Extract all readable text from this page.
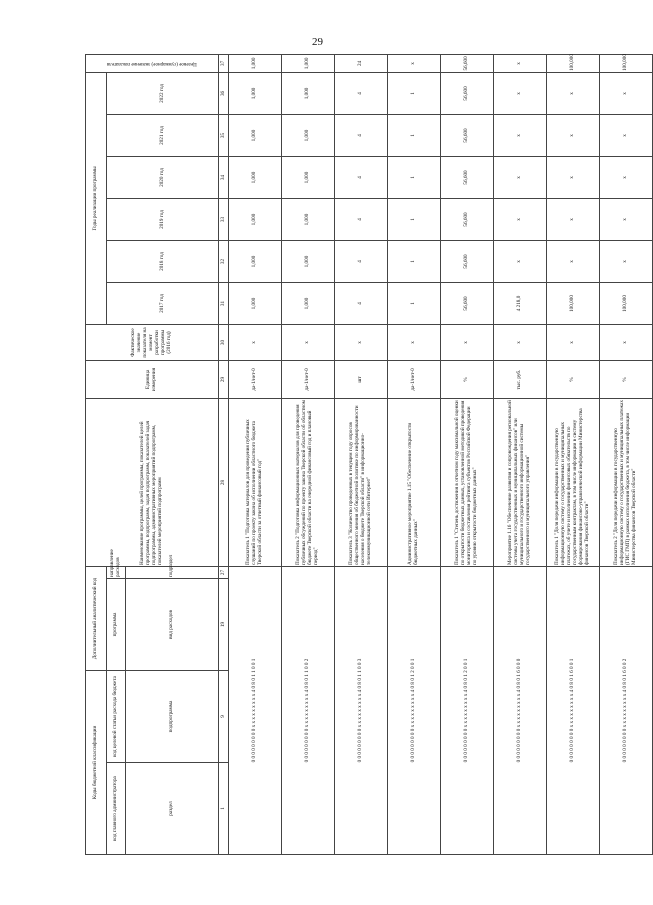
29
Коды бюджетной классификации		Дополнительный аналитический код		Наименование программы, целей программы, показателей целей программы, подпрограмм, задач подпрограмм, показателей задач подпрограммы, административных мероприятий подпрограмм, показателей мероприятий подпрограмм	Единица измерения	Фактическое значение показателя на момент разработки программы (2016 год)	Годы реализации программы						Целевое (суммарное) значение показателя

код главного администратора	код целевой статьи расхода бюджета	программа	направление расходов				2017 год	2018 год	2019 год	2020 год	2021 год	2022 год	
раздел	подпрограмма	вид расходов	подраздел										
1	9	19	27	28	29	30	31	32	33	34	35	36	37
0 0 0 0 0 0 0 0 0 x x x x x x x x x 4 0 8 0 1 1 0 0 1				Показатель 1 "Подготовка материалов для проведения публичных слушаний по проекту закона об исполнении областного бюджета Тверской области за отчетный финансовый год"	да-1/нет-0	x	1,000	1,000	1,000	1,000	1,000	1,000	1,000
0 0 0 0 0 0 0 0 0 x x x x x x x x x 4 0 8 0 1 1 0 0 2				Показатель 2 "Подготовка информационных материалов для проведения публичных обсуждений по проекту закона Тверской области об областном бюджете Тверской области на очередной финансовый год и плановый период"	да-1/нет-0	x	1,000	1,000	1,000	1,000	1,000	1,000	1,000
0 0 0 0 0 0 0 0 0 x x x x x x x x x 4 0 8 0 1 1 0 0 3				Показатель 3 "Количество проведенных в текущем году опросов общественного мнения об бюджетной политике по информированности населения о бюджете Тверской области" в информационно-телекоммуникационной сети Интернет"	шт	x	4	4	4	4	4	4	24
0 0 0 0 0 0 0 0 0 x x x x x x x x x 4 0 8 0 1 2 0 0 1				Административное мероприятие 1.15 "Обеспечение открытости бюджетных данных"	да-1/нет-0	x	1	1	1	1	1	1	x
0 0 0 0 0 0 0 0 0 x x x x x x x x x 4 0 8 0 1 2 0 0 1				Показатель 1 "Степень достижения в отчетном году максимальной оценки по открытости бюджетных данных, установленной методикой проведения мониторинга и составления рейтинга субъектов Российской Федерации по уровню открытости бюджетных данных"	%	x	56,600	56,600	56,600	56,600	56,600	56,600	56,600
0 0 0 0 0 0 0 0 0 x x x x x x x x x 4 0 8 0 1 6 0 0 0				Мероприятие 1.16 "Обеспечение развития и сопровождения региональной системы учета государственных и муниципальных финансов" или муниципального и государственного информационной системы государственного и муниципального управления"	тыс. руб.	x	4 218,0	x	x	x	x	x	x
0 0 0 0 0 0 0 0 0 x x x x x x x x x 4 0 8 0 1 6 0 0 1				Показатель 1 "Доля передачи информации в государственную информационную систему о государственных и муниципальных платежах, об учете и исполнении финансовых обязательств по государственным контрактам, в том числе информации в систему формирования финансово-управленческой информации Министерства финансов Тверской области"	%	x	100,000	x	x	x	x	x	100,000
0 0 0 0 0 0 0 0 0 x x x x x x x x x 4 0 8 0 1 6 0 0 2				Показатель 2 "Доля передачи информации в государственную информационную систему о государственных и муниципальных платежах (ГИС ГМП) в рамках исполнения бюджета, в том числе информации Министерства финансов Тверской области"	%	x	100,000	x	x	x	x	x	100,000
